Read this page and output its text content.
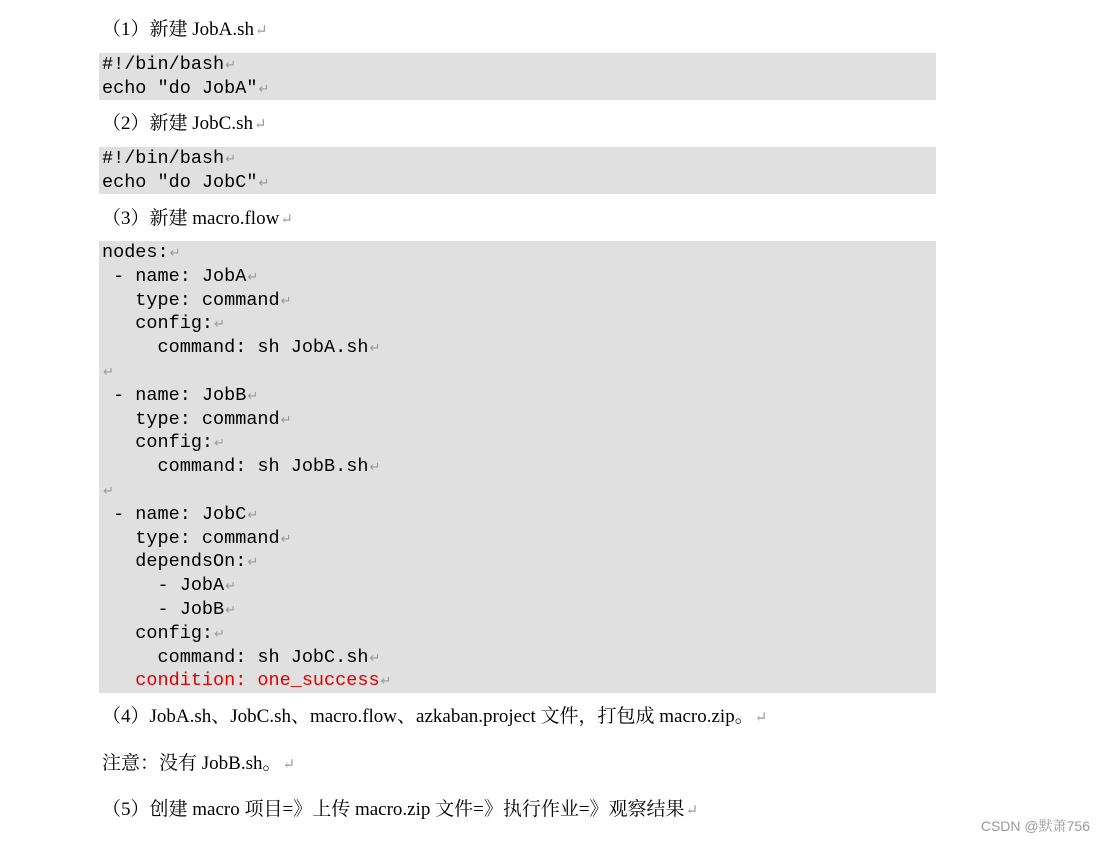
（1）新建 JobA.sh↵
#!/bin/bash↵
echo "do JobA"↵
（2）新建 JobC.sh↵
#!/bin/bash↵
echo "do JobC"↵
（3）新建 macro.flow↵
nodes:↵
- name: JobA↵
type: command↵
config:↵
command: sh JobA.sh↵
↵
- name: JobB↵
type: command↵
config:↵
command: sh JobB.sh↵
↵
- name: JobC↵
type: command↵
dependsOn:↵
- JobA↵
- JobB↵
config:↵
command: sh JobC.sh↵
condition: one_success↵
（4）JobA.sh、JobC.sh、macro.flow、azkaban.project 文件，打包成 macro.zip。↵
注意：没有 JobB.sh。↵
（5）创建 macro 项目=》上传 macro.zip 文件=》执行作业=》观察结果↵
CSDN @默萧756
